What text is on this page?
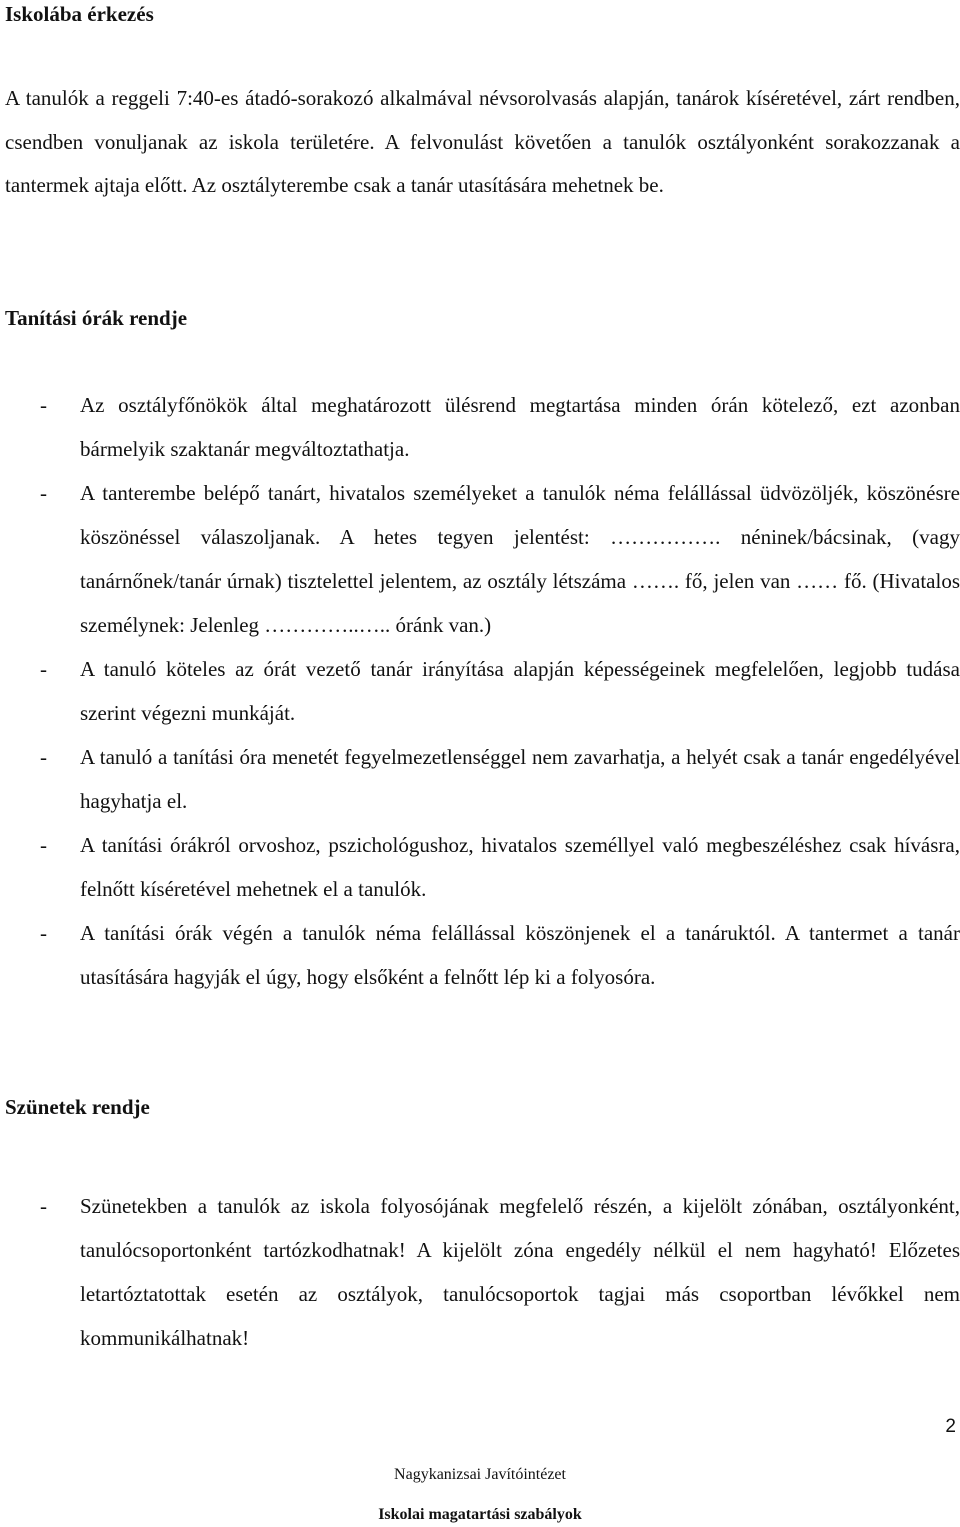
Iskolába érkezés

A tanulók a reggeli 7:40-es átadó-sorakozó alkalmával névsorolvasás alapján, tanárok kíséretével, zárt rendben, csendben vonuljanak az iskola területére. A felvonulást követően a tanulók osztályonként sorakozzanak a tantermek ajtaja előtt. Az osztályterembe csak a tanár utasítására mehetnek be.

Tanítási órák rendje
- Az osztályfőnökök által meghatározott ülésrend megtartása minden órán kötelező, ezt azonban bármelyik szaktanár megváltoztathatja.
- A tanterembe belépő tanárt, hivatalos személyeket a tanulók néma felállással üdvözöljék, köszönésre köszönéssel válaszoljanak. A hetes tegyen jelentést: ……………. néninek/bácsinak, (vagy tanárnőnek/tanár úrnak) tisztelettel jelentem, az osztály létszáma ……. fő, jelen van …… fő. (Hivatalos személynek: Jelenleg …………..….. óránk van.)
- A tanuló köteles az órát vezető tanár irányítása alapján képességeinek megfelelően, legjobb tudása szerint végezni munkáját.
- A tanuló a tanítási óra menetét fegyelmezetlenséggel nem zavarhatja, a helyét csak a tanár engedélyével hagyhatja el.
- A tanítási órákról orvoshoz, pszichológushoz, hivatalos személlyel való megbeszéléshez csak hívásra, felnőtt kíséretével mehetnek el a tanulók.
- A tanítási órák végén a tanulók néma felállással köszönjenek el a tanáruktól. A tantermet a tanár utasítására hagyják el úgy, hogy elsőként a felnőtt lép ki a folyosóra.
Szünetek rendje
- Szünetekben a tanulók az iskola folyosójának megfelelő részén, a kijelölt zónában, osztályonként, tanulócsoportonként tartózkodhatnak! A kijelölt zóna engedély nélkül el nem hagyható! Előzetes letartóztatottak esetén az osztályok, tanulócsoportok tagjai más csoportban lévőkkel nem kommunikálhatnak!
2
Nagykanizsai Javítóintézet
Iskolai magatartási szabályok
